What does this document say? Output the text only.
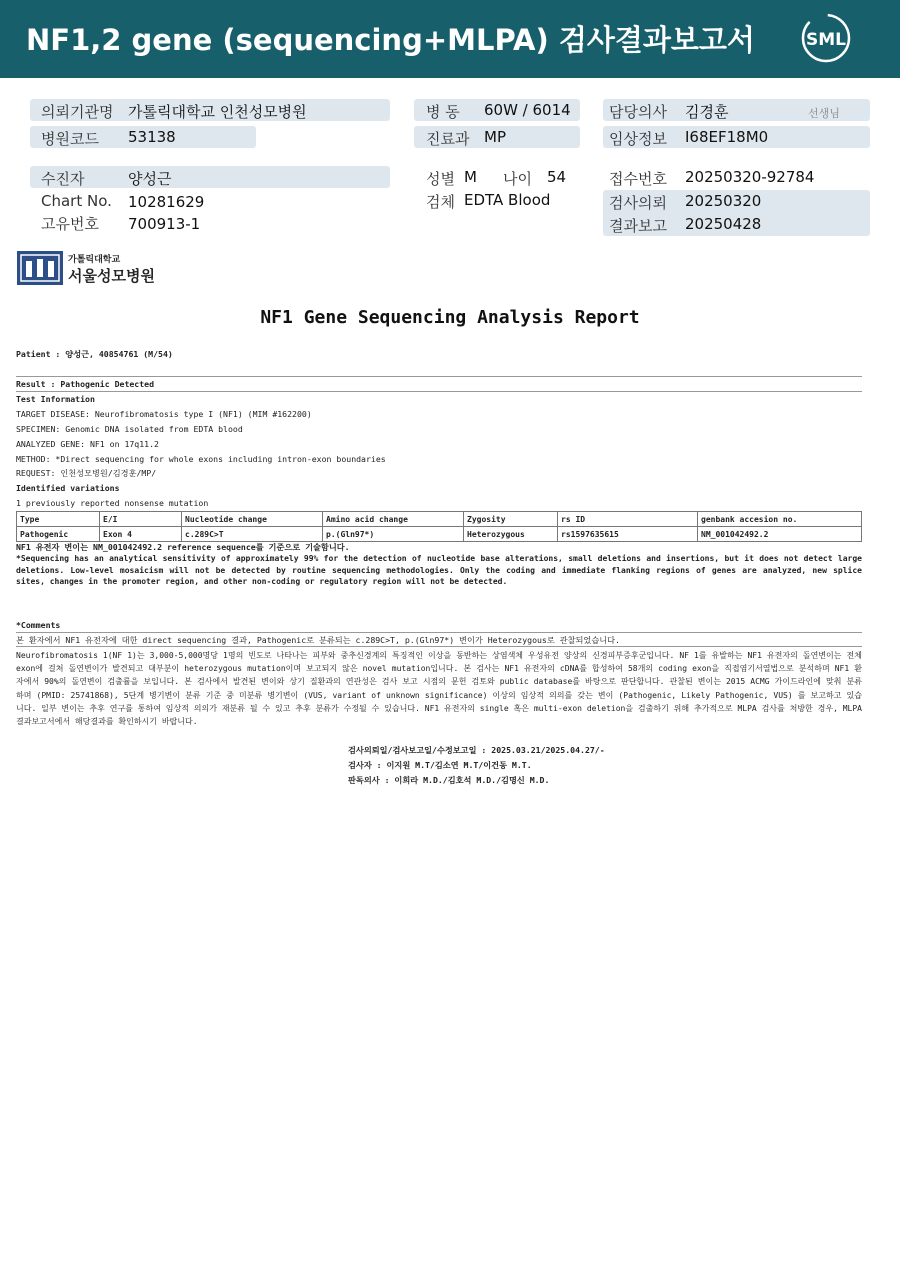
NF1,2 gene (sequencing+MLPA) 검사결과보고서	SML
의뢰기관명 가톨릭대학교 인천성모병원
병원코드 53138
병 동 60W / 6014
진료과 MP
담당의사 김경훈	선생님
임상정보 I68EF18M0
수진자	양성근
Chart No. 10281629
고유번호 700913-1
성별 M 나이 54
검체 EDTA Blood
접수번호 20250320-92784
검사의뢰 20250320
결과보고 20250428
가톨릭대학교
서울성모병원
NF1 Gene Sequencing Analysis Report
Patient : 양성근, 40854761 (M/54)
Result : Pathogenic Detected
Test Information
TARGET DISEASE: Neurofibromatosis type I (NF1) (MIM #162200)
SPECIMEN: Genomic DNA isolated from EDTA blood
ANALYZED GENE: NF1 on 17q11.2
METHOD: *Direct sequencing for whole exons including intron-exon boundaries
REQUEST: 인천성모병원/김경훈/MP/
Identified variations
1 previously reported nonsense mutation
Type	E/I	Nucleotide change	Amino acid change	Zygosity	rs ID	genbank accesion no.
Pathogenic	Exon 4	c.289C>T	p.(Gln97*)	Heterozygous	rs1597635615	NM_001042492.2
NF1 유전자 변이는 NM_001042492.2 reference sequence를 기준으로 기술함니다.
*Sequencing has an analytical sensitivity of approximately 99% for the detection of nucleotide base alterations, small deletions and insertions, but it does not detect large deletions. Low-level mosaicism will not be detected by routine sequencing methodologies. Only the coding and immediate flanking regions of genes are analyzed, new splice sites, changes in the promoter region, and other non-coding or regulatory region will not be detected.
*Comments
본 환자에서 NF1 유전자에 대한 direct sequencing 결과, Pathogenic로 분류되는 c.289C>T, p.(Gln97*) 변이가 Heterozygous로 관찰되었습니다.
Neurofibromatosis 1(NF 1)는 3,000-5,000명당 1명의 빈도로 나타나는 피부와 중추신경계의 특징적인 이상을 동반하는 상염색체 우성유전 양상의 신경피부증후군입니다. NF 1를 유발하는 NF1 유전자의 돌연변이는 전체 exon에 걸쳐 돌연변이가 발견되고 대부분이 heterozygous mutation이며 보고되지 않은 novel mutation입니다. 본 검사는 NF1 유전자의 cDNA를 합성하여 58개의 coding exon을 직접염기서열법으로 분석하며 NF1 환자에서 90%의 돌연변이 검출률을 보입니다. 본 검사에서 발견된 변이와 상기 질환과의 연관성은 검사 보고 시점의 문헌 검토와 public database를 바탕으로 판단합니다. 관찰된 변이는 2015 ACMG 가이드라인에 맞춰 분류하며 (PMID: 25741868), 5단계 병기변이 분류 기준 중 미분류 병기변이 (VUS, variant of unknown significance) 이상의 임상적 의의를 갖는 변이 (Pathogenic, Likely Pathogenic, VUS) 를 보고하고 있습니다. 일부 변이는 추후 연구를 통하여 임상적 의의가 재분류 될 수 있고 추후 분류가 수정될 수 있습니다. NF1 유전자의 single 혹은 multi-exon deletion을 검출하기 위해 추가적으로 MLPA 검사를 처방한 경우, MLPA 결과보고서에서 해당결과를 확인하시기 바랍니다.
검사의뢰일/검사보고일/수정보고일 : 2025.03.21/2025.04.27/-
검사자 : 이지원 M.T/김소연 M.T/이건동 M.T.
판독의사 : 이희라 M.D./김호석 M.D./김명신 M.D.
